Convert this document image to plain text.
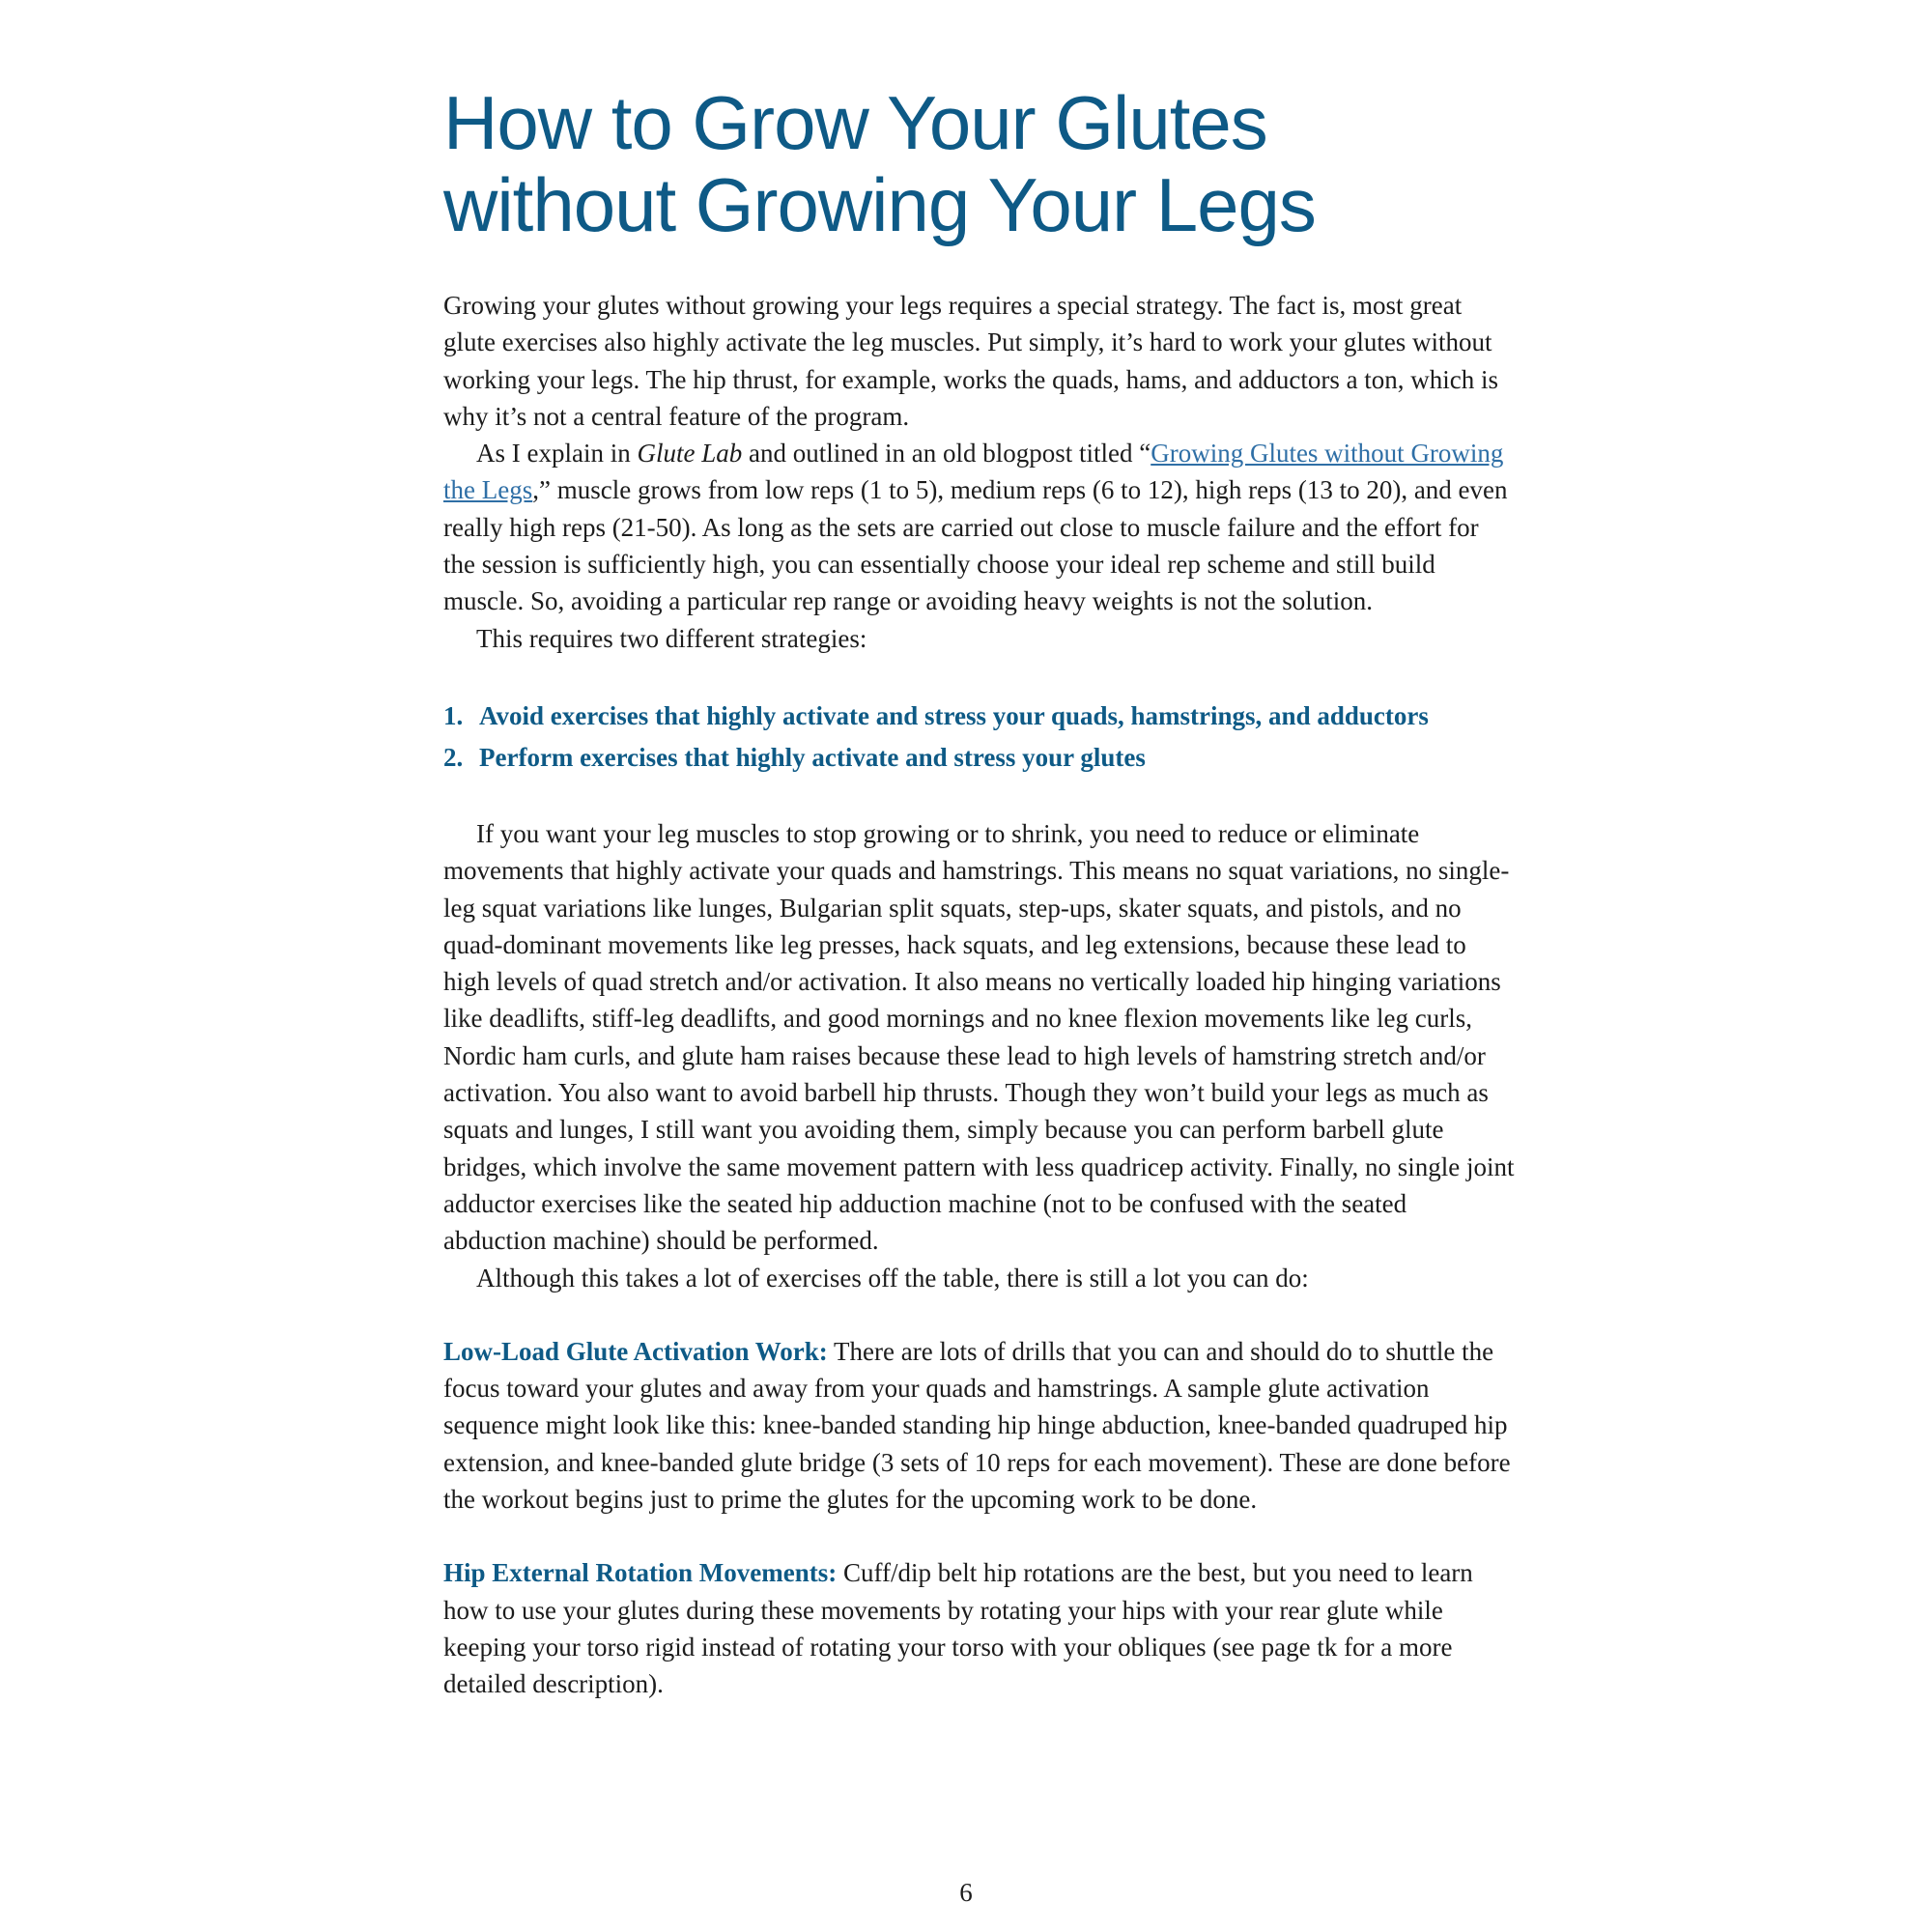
How to Grow Your Glutes
without Growing Your Legs

Growing your glutes without growing your legs requires a special strategy. The fact is, most great glute exercises also highly activate the leg muscles. Put simply, it’s hard to work your glutes without working your legs. The hip thrust, for example, works the quads, hams, and adductors a ton, which is why it’s not a central feature of the program.

As I explain in Glute Lab and outlined in an old blogpost titled “Growing Glutes without Growing the Legs,” muscle grows from low reps (1 to 5), medium reps (6 to 12), high reps (13 to 20), and even really high reps (21-50). As long as the sets are carried out close to muscle failure and the effort for the session is sufficiently high, you can essentially choose your ideal rep scheme and still build muscle. So, avoiding a particular rep range or avoiding heavy weights is not the solution.

This requires two different strategies:

1. Avoid exercises that highly activate and stress your quads, hamstrings, and adductors
2. Perform exercises that highly activate and stress your glutes

If you want your leg muscles to stop growing or to shrink, you need to reduce or eliminate movements that highly activate your quads and hamstrings. This means no squat variations, no single-leg squat variations like lunges, Bulgarian split squats, step-ups, skater squats, and pistols, and no quad-dominant movements like leg presses, hack squats, and leg extensions, because these lead to high levels of quad stretch and/or activation. It also means no vertically loaded hip hinging variations like deadlifts, stiff-leg deadlifts, and good mornings and no knee flexion movements like leg curls, Nordic ham curls, and glute ham raises because these lead to high levels of hamstring stretch and/or activation. You also want to avoid barbell hip thrusts. Though they won’t build your legs as much as squats and lunges, I still want you avoiding them, simply because you can perform barbell glute bridges, which involve the same movement pattern with less quadricep activity. Finally, no single joint adductor exercises like the seated hip adduction machine (not to be confused with the seated abduction machine) should be performed.

Although this takes a lot of exercises off the table, there is still a lot you can do:

Low-Load Glute Activation Work: There are lots of drills that you can and should do to shuttle the focus toward your glutes and away from your quads and hamstrings. A sample glute activation sequence might look like this: knee-banded standing hip hinge abduction, knee-banded quadruped hip extension, and knee-banded glute bridge (3 sets of 10 reps for each movement). These are done before the workout begins just to prime the glutes for the upcoming work to be done.

Hip External Rotation Movements: Cuff/dip belt hip rotations are the best, but you need to learn how to use your glutes during these movements by rotating your hips with your rear glute while keeping your torso rigid instead of rotating your torso with your obliques (see page tk for a more detailed description).

6
